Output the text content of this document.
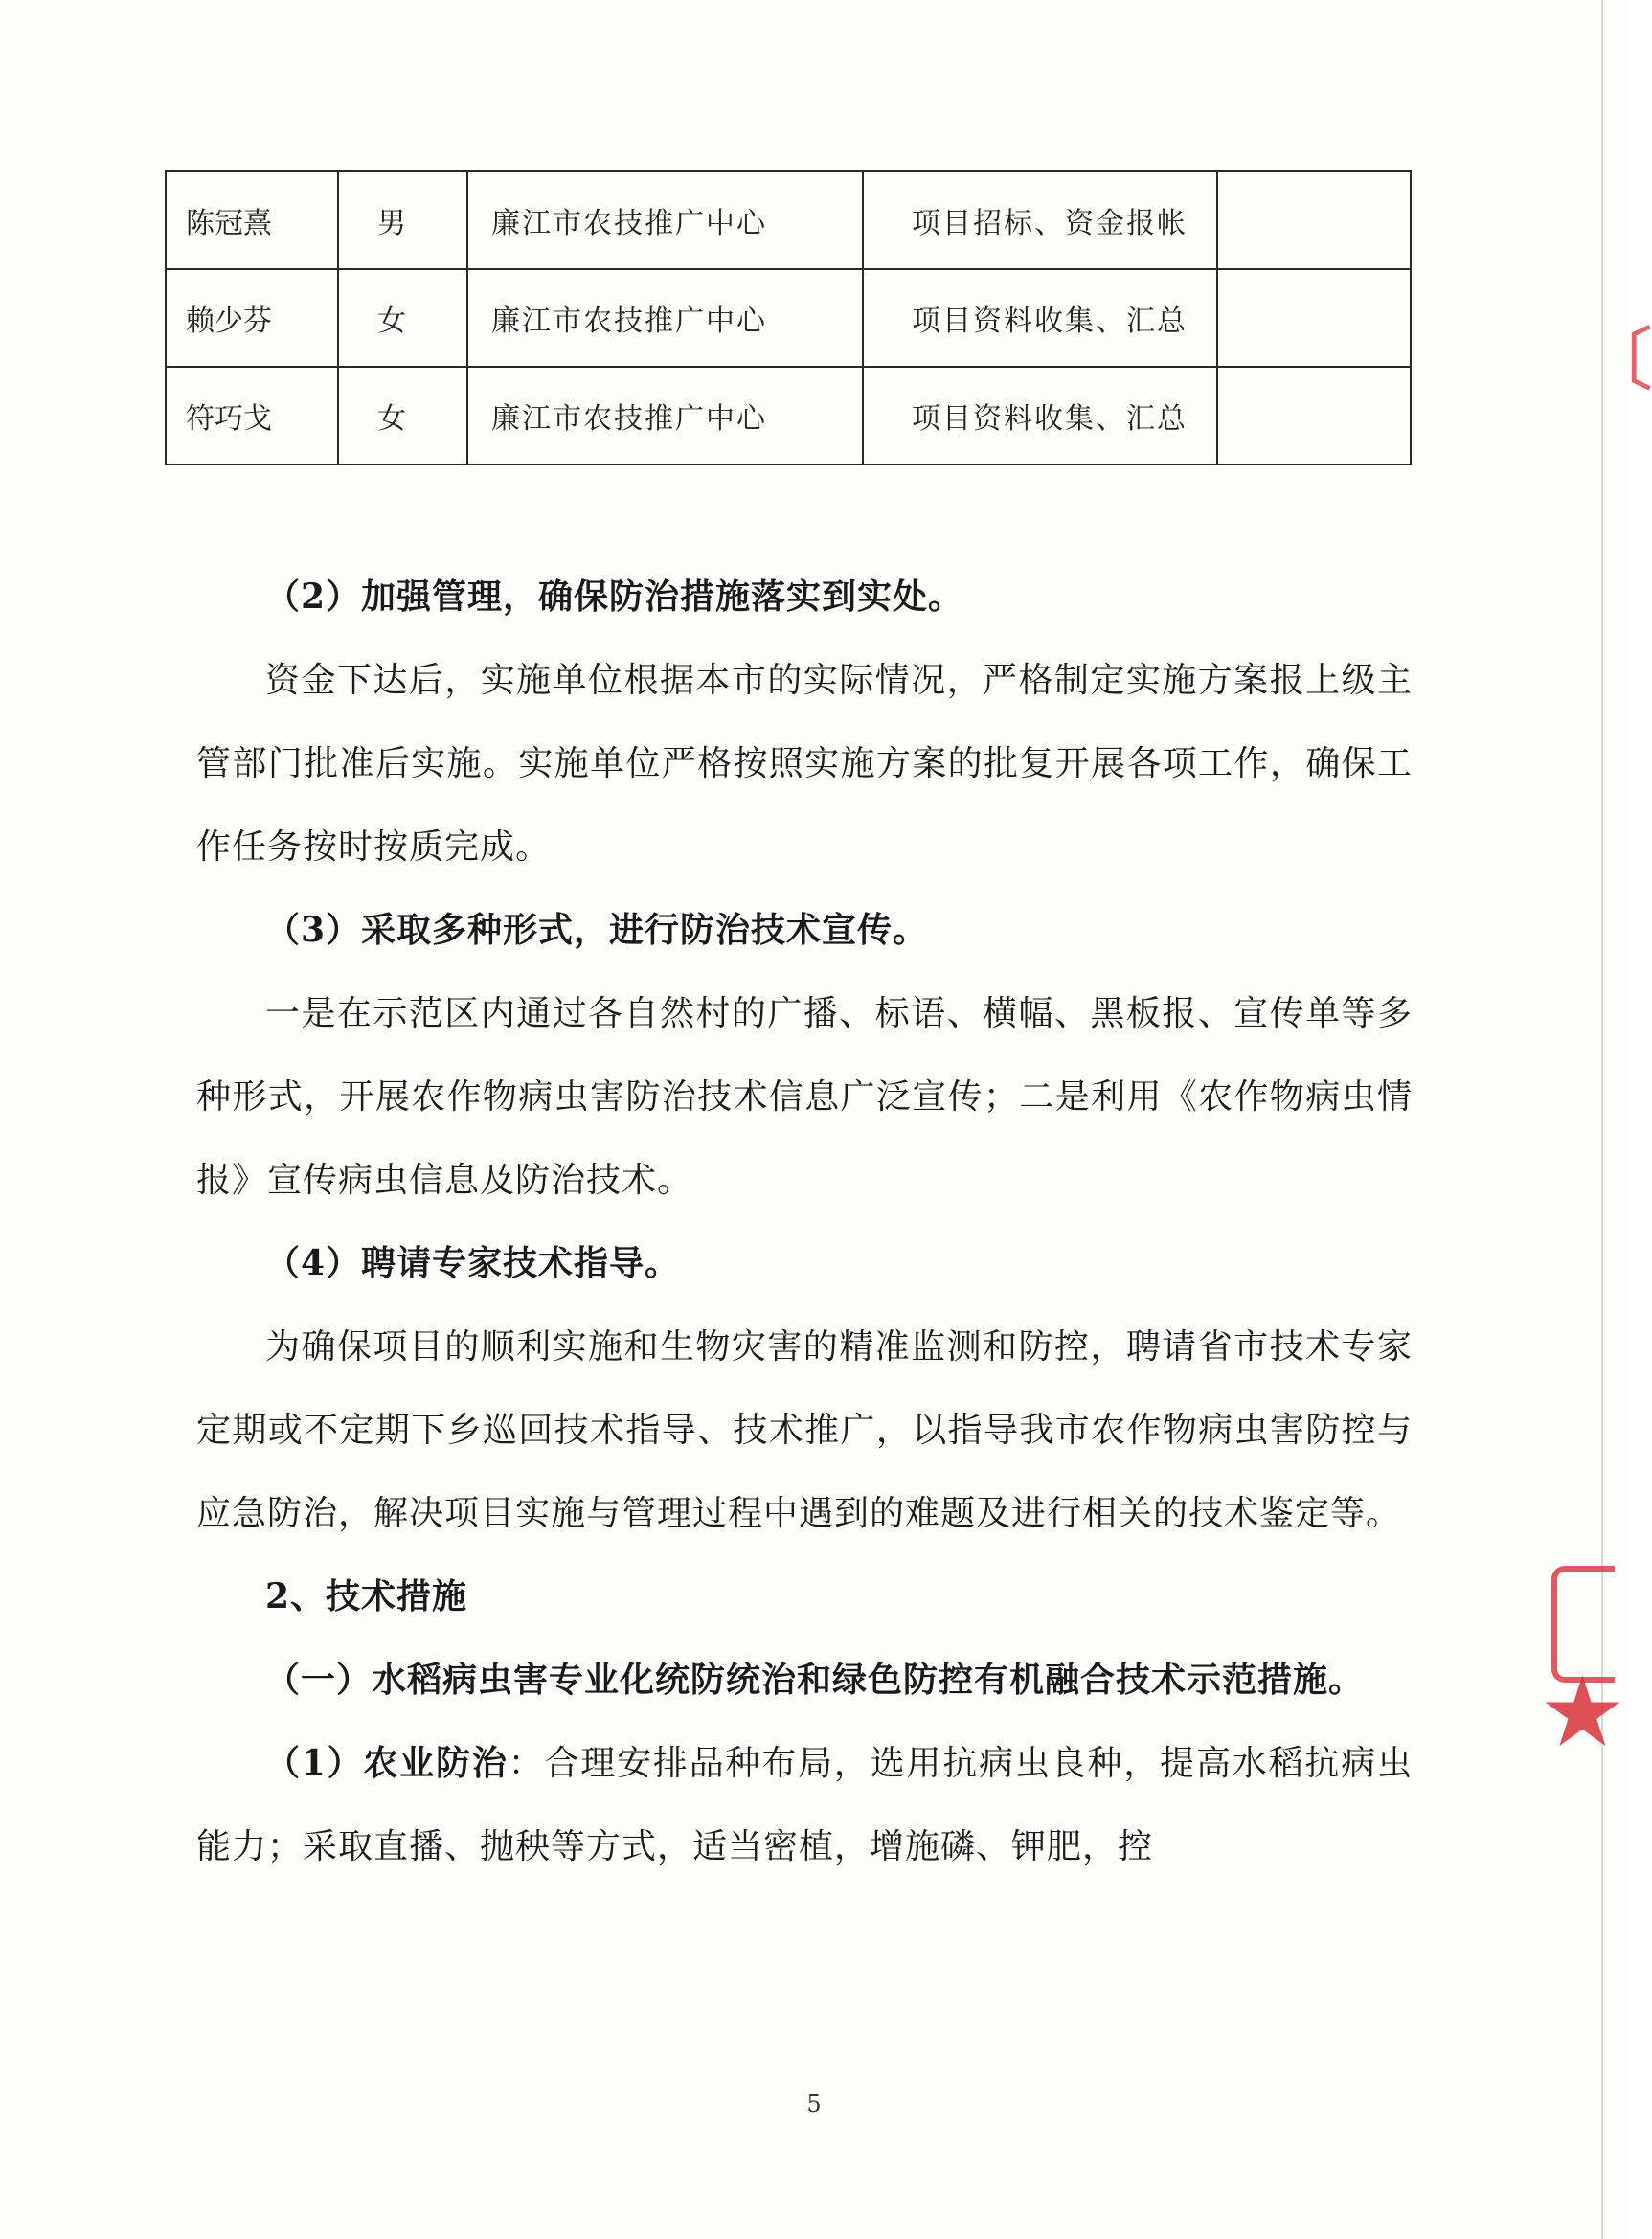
陈冠熹	男	廉江市农技推广中心	项目招标、资金报帐	
赖少芬	女	廉江市农技推广中心	项目资料收集、汇总	
符巧戈	女	廉江市农技推广中心	项目资料收集、汇总	

（2）加强管理，确保防治措施落实到实处。

资金下达后，实施单位根据本市的实际情况，严格制定实施方案报上级主管部门批准后实施。实施单位严格按照实施方案的批复开展各项工作，确保工作任务按时按质完成。

（3）采取多种形式，进行防治技术宣传。

一是在示范区内通过各自然村的广播、标语、横幅、黑板报、宣传单等多种形式，开展农作物病虫害防治技术信息广泛宣传；二是利用《农作物病虫情报》宣传病虫信息及防治技术。

（4）聘请专家技术指导。

为确保项目的顺利实施和生物灾害的精准监测和防控，聘请省市技术专家定期或不定期下乡巡回技术指导、技术推广，以指导我市农作物病虫害防控与应急防治，解决项目实施与管理过程中遇到的难题及进行相关的技术鉴定等。

2、技术措施

（一）水稻病虫害专业化统防统治和绿色防控有机融合技术示范措施。

（1）农业防治：合理安排品种布局，选用抗病虫良种，提高水稻抗病虫能力；采取直播、抛秧等方式，适当密植，增施磷、钾肥，控

5
〔
★
